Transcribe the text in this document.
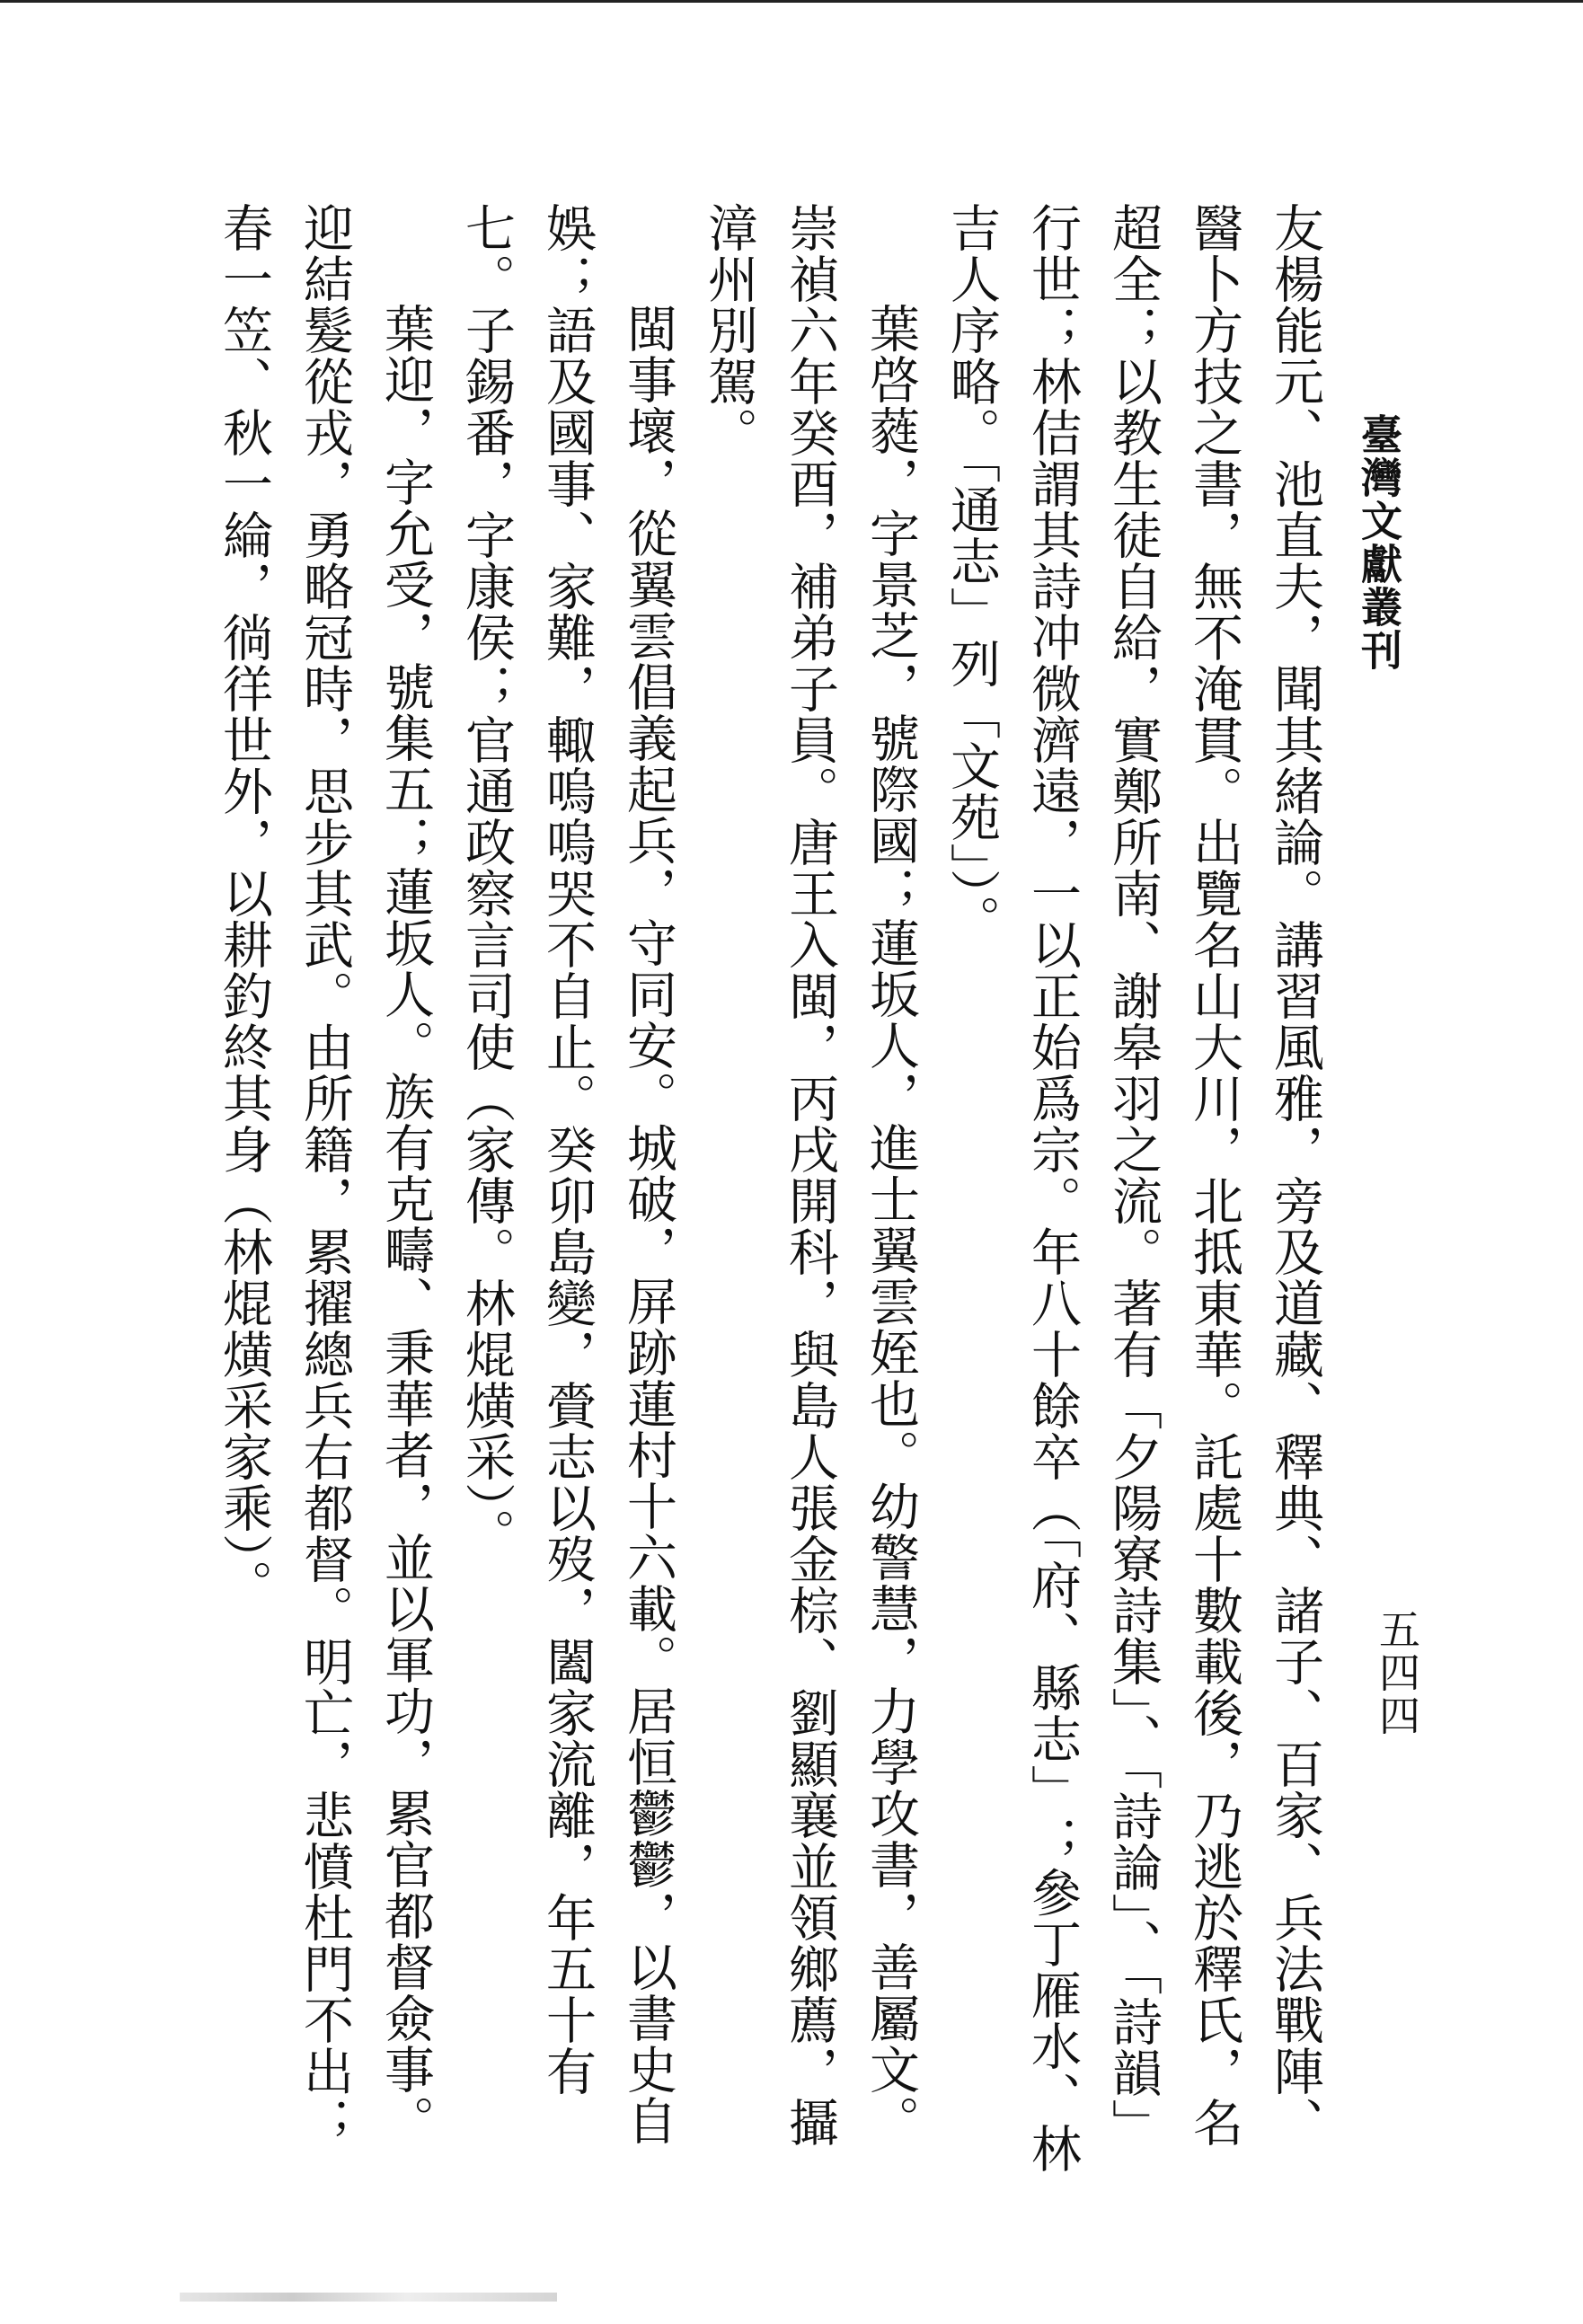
臺灣文獻叢刊
五四四

友楊能元、池直夫，聞其緒論。講習風雅，旁及道藏、釋典、諸子、百家、兵法戰陣、醫卜方技之書，無不淹貫。出覽名山大川，北抵東華。託處十數載後，乃逃於釋氏，名超全；以教生徒自給，實鄭所南、謝皋羽之流。著有「夕陽寮詩集」、「詩論」、「詩韻」行世；林佶謂其詩冲微濟遠，一以正始爲宗。年八十餘卒（「府、縣志」；參丁雁水、林吉人序略。「通志」列「文苑」）。

葉啓蕤，字景芝，號際國；蓮坂人，進士翼雲姪也。幼警慧，力學攻書，善屬文。崇禎六年癸酉，補弟子員。唐王入閩，丙戌開科，與島人張金棕、劉顯襄並領鄉薦，攝漳州別駕。

閩事壞，從翼雲倡義起兵，守同安。城破，屏跡蓮村十六載。居恒鬱鬱，以書史自娛；語及國事、家難，輙嗚嗚哭不自止。癸卯島變，賫志以歿，闔家流離，年五十有七。子錫番，字康侯；官通政察言司使（家傳。林焜熿采）。

葉迎，字允受，號集五；蓮坂人。族有克疇、秉華者，並以軍功，累官都督僉事。迎結髮從戎，勇略冠時，思步其武。由所籍，累擢總兵右都督。明亡，悲憤杜門不出；春一笠、秋一綸，徜徉世外，以耕釣終其身（林焜熿采家乘）。
